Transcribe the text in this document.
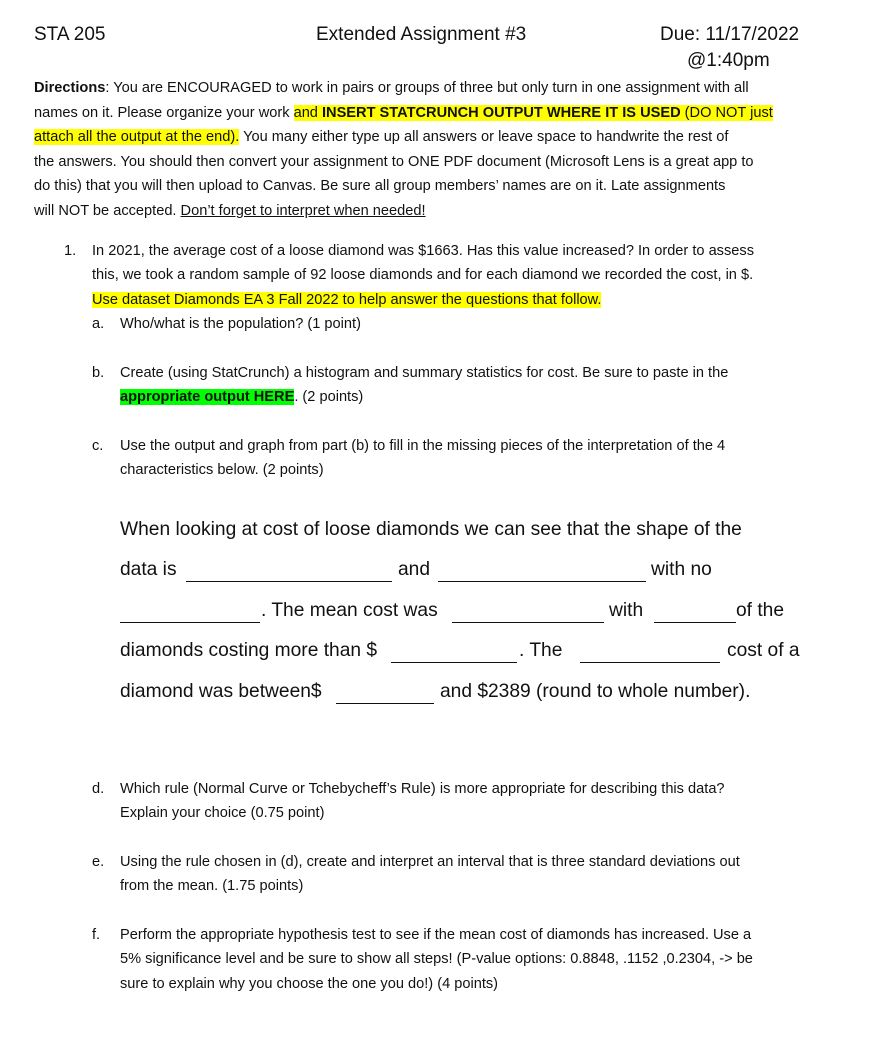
STA 205	Extended Assignment #3	Due: 11/17/2022
@1:40pm
Directions: You are ENCOURAGED to work in pairs or groups of three but only turn in one assignment with all
names on it. Please organize your work and INSERT STATCRUNCH OUTPUT WHERE IT IS USED (DO NOT just
attach all the output at the end). You many either type up all answers or leave space to handwrite the rest of
the answers. You should then convert your assignment to ONE PDF document (Microsoft Lens is a great app to
do this) that you will then upload to Canvas. Be sure all group members’ names are on it. Late assignments
will NOT be accepted. Don’t forget to interpret when needed!
1. In 2021, the average cost of a loose diamond was $1663. Has this value increased? In order to assess
this, we took a random sample of 92 loose diamonds and for each diamond we recorded the cost, in $.
Use dataset Diamonds EA 3 Fall 2022 to help answer the questions that follow.
a. Who/what is the population? (1 point)
b. Create (using StatCrunch) a histogram and summary statistics for cost. Be sure to paste in the
appropriate output HERE. (2 points)
c. Use the output and graph from part (b) to fill in the missing pieces of the interpretation of the 4
characteristics below. (2 points)
When looking at cost of loose diamonds we can see that the shape of the
data is	and	with no
. The mean cost was	with	of the
diamonds costing more than $	. The	cost of a
diamond was between$	and $2389 (round to whole number).
d. Which rule (Normal Curve or Tchebycheff’s Rule) is more appropriate for describing this data?
Explain your choice (0.75 point)
e. Using the rule chosen in (d), create and interpret an interval that is three standard deviations out
from the mean. (1.75 points)
f. Perform the appropriate hypothesis test to see if the mean cost of diamonds has increased. Use a
5% significance level and be sure to show all steps! (P-value options: 0.8848, .1152 ,0.2304, -> be
sure to explain why you choose the one you do!) (4 points)
